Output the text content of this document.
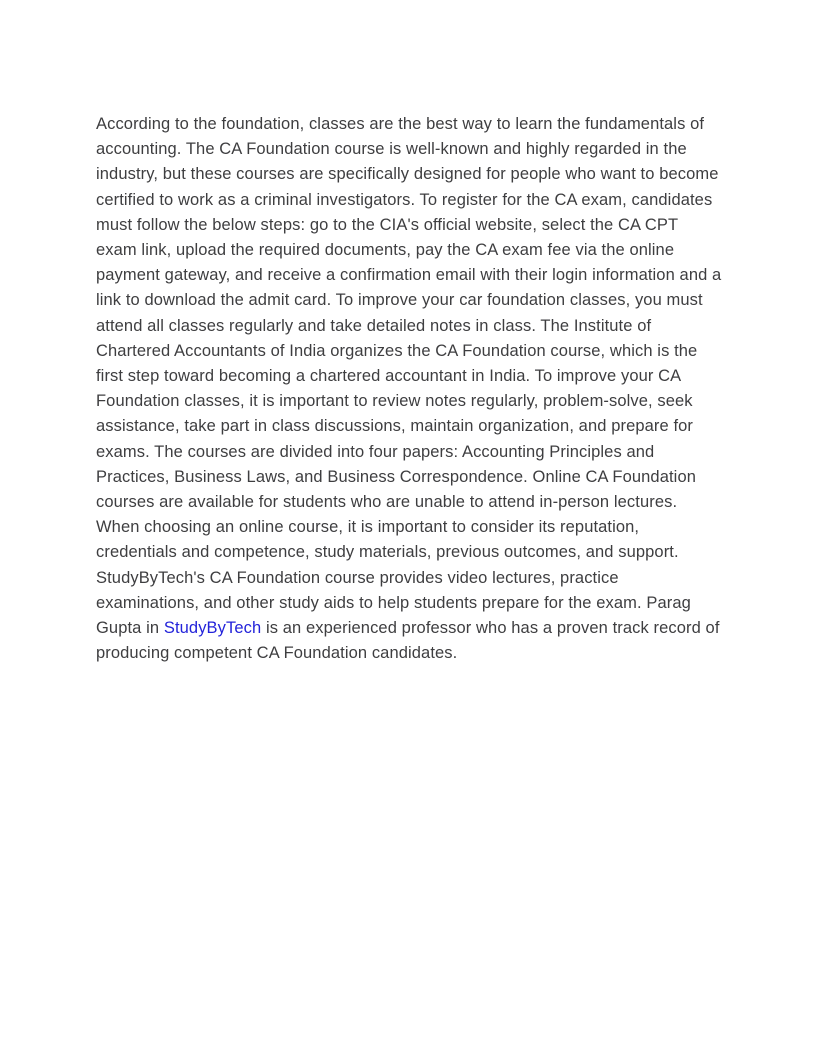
According to the foundation, classes are the best way to learn the fundamentals of accounting. The CA Foundation course is well-known and highly regarded in the industry, but these courses are specifically designed for people who want to become certified to work as a criminal investigators. To register for the CA exam, candidates must follow the below steps: go to the CIA's official website, select the CA CPT exam link, upload the required documents, pay the CA exam fee via the online payment gateway, and receive a confirmation email with their login information and a link to download the admit card. To improve your car foundation classes, you must attend all classes regularly and take detailed notes in class. The Institute of Chartered Accountants of India organizes the CA Foundation course, which is the first step toward becoming a chartered accountant in India. To improve your CA Foundation classes, it is important to review notes regularly, problem-solve, seek assistance, take part in class discussions, maintain organization, and prepare for exams. The courses are divided into four papers: Accounting Principles and Practices, Business Laws, and Business Correspondence. Online CA Foundation courses are available for students who are unable to attend in-person lectures. When choosing an online course, it is important to consider its reputation, credentials and competence, study materials, previous outcomes, and support. StudyByTech's CA Foundation course provides video lectures, practice examinations, and other study aids to help students prepare for the exam. Parag Gupta in StudyByTech is an experienced professor who has a proven track record of producing competent CA Foundation candidates.
